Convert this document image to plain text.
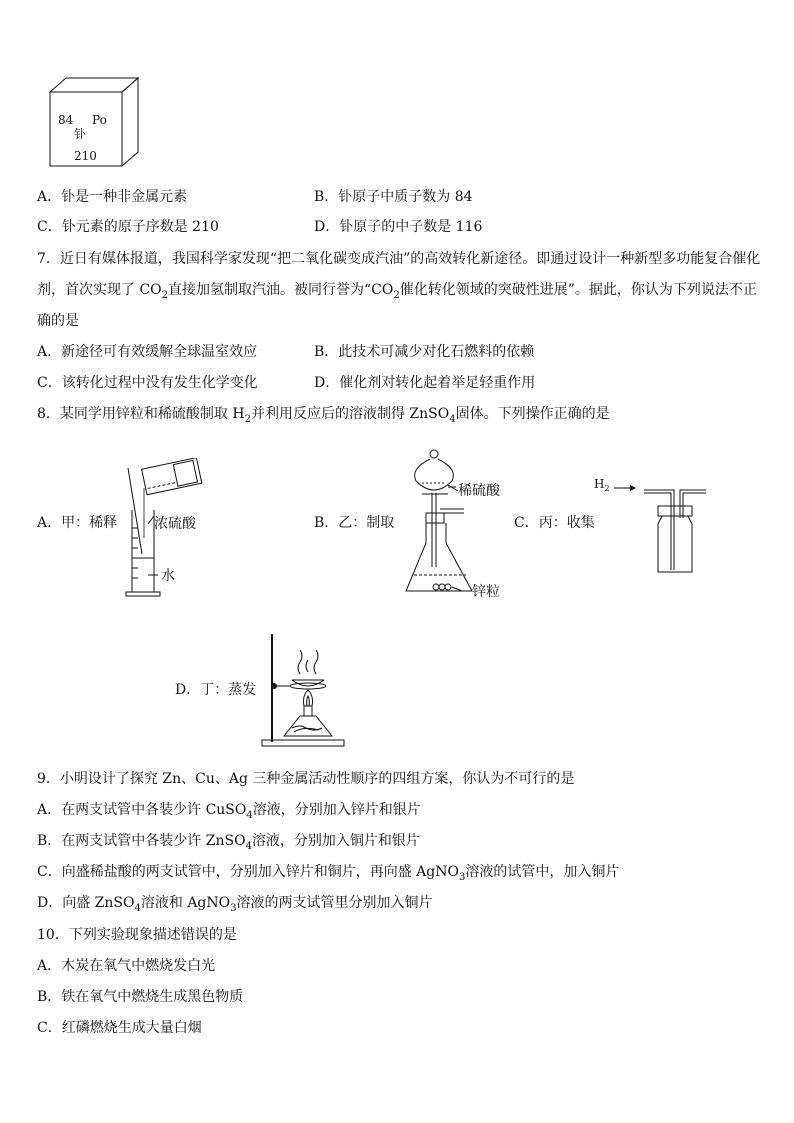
84 Po
钋
210
A．钋是一种非金属元素	B．钋原子中质子数为 84
C．钋元素的原子序数是 210	D．钋原子的中子数是 116
7．近日有媒体报道，我国科学家发现“把二氧化碳变成汽油”的高效转化新途径。即通过设计一种新型多功能复合催化
剂，首次实现了 $CO_2$直接加氢制取汽油。被同行誉为“$CO_2$催化转化领域的突破性进展”。据此，你认为下列说法不正
确的是
A．新途径可有效缓解全球温室效应	B．此技术可减少对化石燃料的依赖
C．该转化过程中没有发生化学变化	D．催化剂对转化起着举足轻重作用
8．某同学用锌粒和稀硫酸制取 $H_2$并利用反应后的溶液制得 ZnSO$_4$固体。下列操作正确的是
A．甲：稀释	B．乙：制取	C．丙：收集
D．丁：蒸发
浓硫酸
水
稀硫酸
锌粒
$H_2$
9．小明设计了探究 Zn、Cu、Ag 三种金属活动性顺序的四组方案，你认为不可行的是
A．在两支试管中各装少许 CuSO$_4$溶液，分别加入锌片和银片
B．在两支试管中各装少许 ZnSO$_4$溶液，分别加入铜片和银片
C．向盛稀盐酸的两支试管中，分别加入锌片和铜片，再向盛 AgNO$_3$溶液的试管中，加入铜片
D．向盛 ZnSO$_4$溶液和 AgNO$_3$溶液的两支试管里分别加入铜片
10．下列实验现象描述错误的是
A．木炭在氧气中燃烧发白光
B．铁在氧气中燃烧生成黑色物质
C．红磷燃烧生成大量白烟
